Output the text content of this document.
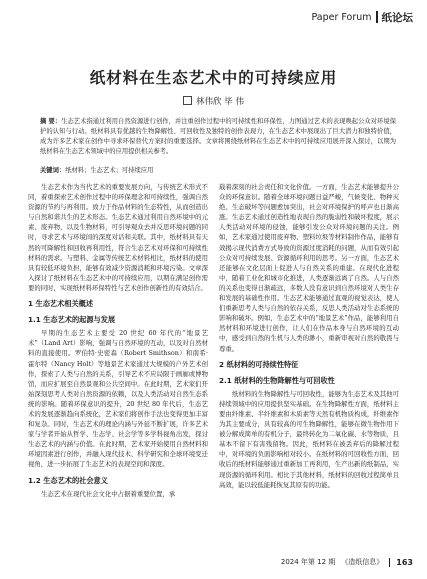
Paper Forum 纸论坛
纸材料在生态艺术中的可持续应用
林伟欣 毕 伟
摘 要：生态艺术指通过利用自然资源进行创作，并注重创作过程中的可持续性和环保性，力图通过艺术的表现唤起公众对环境保护的认知与行动。纸材料具有优越的生物降解性、可回收性及独特的创作表现力，在生态艺术中展现出了巨大潜力和独特价值，成为许多艺术家在创作中寻求环保替代方案时的重要选择。文章将围绕纸材料在生态艺术中的可持续应用展开深入探讨，以期为纸材料在生态艺术领域中的应用提供相关参考。
关键词：纸材料；生态艺术；可持续应用

生态艺术作为当代艺术的重要发展方向，与传统艺术形式不同，着重探索艺术创作过程中的环保理念和可持续性，强调自然资源的节约与再利用。致力于作品材料的生态特性，从而创造出与自然和谐共生的艺术形态。生态艺术通过利用自然环境中的元素、废弃物，以及生物材料，可引导观众去并反思环境问题的同时，寻求艺术与环境间的深度对话和关联。其中，纸材料具有天然的可降解性和回收再利用性，符合生态艺术对环保和可持续性材料的需求。与塑料、金属等传统艺术材料相比，纸材料的使用具有较低环境负担，能够有效减少资源消耗和环境污染。文章深入探讨了纸材料在生态艺术中的可持续应用，以期在满足创作需要的同时，实现纸材料环保特性与艺术创作创新性的有效结合。

1 生态艺术相关概述
1.1 生态艺术的起源与发展

早期的生态艺术主要受 20 世纪 60 年代的“地景艺术”（Land Art）影响，强调与自然环境的互动，以及对自然材料的直接使用。罗伯特·史密森（Robert Smithson）和南希·霍尔特（Nancy Holt）等地景艺术家通过大规模的户外艺术创作，探索了人类与自然的关系，引导艺术不应局限于画廊或博物馆，而应扩展至自然景观和公共空间中。在此时期，艺术家们开始深刻思考人类对自然资源的依赖，以及人类活动对自然生态系统的影响。随着环保意识的提升，20 世纪 80 年代后，生态艺术的发展逐渐趋向系统化，艺术家们将创作手法也变得更加丰富和复杂。同时，生态艺术的理论内涵与外延不断扩展，许多艺术家与学者开始从哲学、生态学、社会学等多学科视角出发，探讨生态艺术的内涵与价值。在此时期，艺术家开始使用自然材料和环境因素进行创作，并融入现代技术、科学研究和全球环境变迁视角，进一步拓展了生态艺术的表现空间和深度。

1.2 生态艺术的社会意义

生态艺术在现代社会文化中占据着重要位置，承

载着深刻的社会责任和文化价值。一方面，生态艺术能够提升公众的环保意识。随着全球环境问题日益严峻，气候变化、物种灭绝、生态破坏等问题愈加突出，社会对环境保护的呼声也日渐高涨。生态艺术通过创造性地表现自然的脆弱性和破坏程度，展示人类活动对环境的侵蚀，能够引发公众对环境问题的关注。例如，艺术家通过使用废弃物、塑料垃圾等材料制作作品，能够有效揭示现代消费方式导致的资源过度消耗的问题，从而有效引起公众对可持续发展、资源循环利用的思考。另一方面，生态艺术还能够在文化层面上促进人与自然关系的重建。在现代化进程中，随着工业化和城市化推进，人类逐渐远离了自然。人与自然的关系也变得日渐疏远，多数人没有意识到自然环境对人类生存和发展的基础性作用。生态艺术能够通过直观的视觉表达，使人们重新思考人类与自然的依存关系，反思人类活动对生态系统的影响和破坏。例如，生态艺术中的“地景艺术”作品，能够利用自然材料和环境进行创作，让人们在作品本身与自然环境的互动中，感受到自然的生机与人类的渺小，重新审视对自然的敬畏与尊重。

2 纸材料的可持续性特征
2.1 纸材料的生物降解性与可回收性

纸材料的生物降解性与可回收性，能够为生态艺术及其他可持续领域中的应用提供坚实基础。在生物降解性方面，纸材料主要由纤维素、半纤维素和木质素等天然有机物质构成，纤维素作为其主要成分，具有较高的可生物降解性，能够在微生物作用下被分解成简单的有机分子，最终转化为二氧化碳、水等物质，且基本不留下有害残留物。因此，纸材料在被丢弃后的降解过程中，对环境的负面影响相对较小。在纸材料的可回收性方面，回收后的纸材料能够通过重新加工再利用，生产出新的纸制品，实现资源的循环利用。相比于其他材料，纸材料的回收过程简单且高效，能以较低能耗恢复其原有的功能。

2024 年第 12 期 《造纸信息》 163
